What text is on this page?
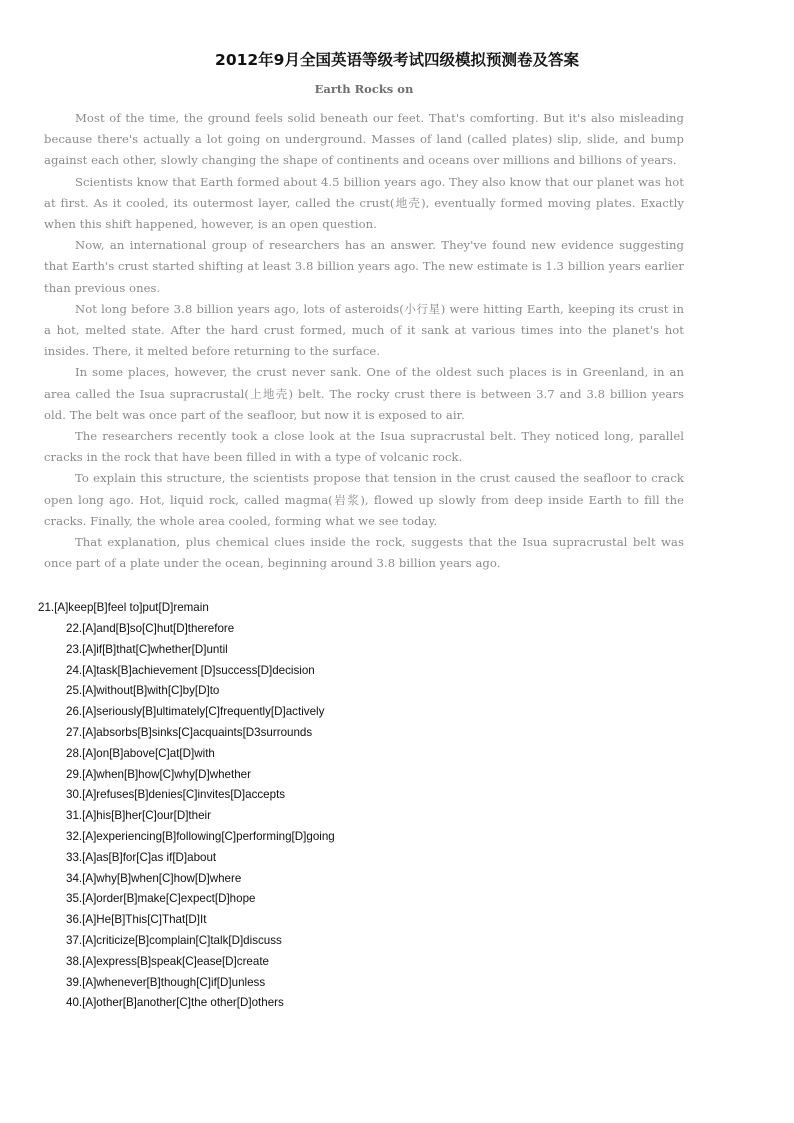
2012年9月全国英语等级考试四级模拟预测卷及答案
Earth Rocks on

Most of the time, the ground feels solid beneath our feet. That's comforting. But it's also misleading because there's actually a lot going on underground. Masses of land (called plates) slip, slide, and bump against each other, slowly changing the shape of continents and oceans over millions and billions of years.

Scientists know that Earth formed about 4.5 billion years ago. They also know that our planet was hot at first. As it cooled, its outermost layer, called the crust(地壳), eventually formed moving plates. Exactly when this shift happened, however, is an open question.

Now, an international group of researchers has an answer. They've found new evidence suggesting that Earth's crust started shifting at least 3.8 billion years ago. The new estimate is 1.3 billion years earlier than previous ones.

Not long before 3.8 billion years ago, lots of asteroids(小行星) were hitting Earth, keeping its crust in a hot, melted state. After the hard crust formed, much of it sank at various times into the planet's hot insides. There, it melted before returning to the surface.

In some places, however, the crust never sank. One of the oldest such places is in Greenland, in an area called the Isua supracrustal(上地壳) belt. The rocky crust there is between 3.7 and 3.8 billion years old. The belt was once part of the seafloor, but now it is exposed to air.

The researchers recently took a close look at the Isua supracrustal belt. They noticed long, parallel cracks in the rock that have been filled in with a type of volcanic rock.

To explain this structure, the scientists propose that tension in the crust caused the seafloor to crack open long ago. Hot, liquid rock, called magma(岩浆), flowed up slowly from deep inside Earth to fill the cracks. Finally, the whole area cooled, forming what we see today.

That explanation, plus chemical clues inside the rock, suggests that the Isua supracrustal belt was once part of a plate under the ocean, beginning around 3.8 billion years ago.

21.[A]keep[B]feel to]put[D]remain
22.[A]and[B]so[C]hut[D]therefore
23.[A]if[B]that[C]whether[D]until
24.[A]task[B]achievement [D]success[D]decision
25.[A]without[B]with[C]by[D]to
26.[A]seriously[B]ultimately[C]frequently[D]actively
27.[A]absorbs[B]sinks[C]acquaints[D3surrounds
28.[A]on[B]above[C]at[D]with
29.[A]when[B]how[C]why[D]whether
30.[A]refuses[B]denies[C]invites[D]accepts
31.[A]his[B]her[C]our[D]their
32.[A]experiencing[B]following[C]performing[D]going
33.[A]as[B]for[C]as if[D]about
34.[A]why[B]when[C]how[D]where
35.[A]order[B]make[C]expect[D]hope
36.[A]He[B]This[C]That[D]It
37.[A]criticize[B]complain[C]talk[D]discuss
38.[A]express[B]speak[C]ease[D]create
39.[A]whenever[B]though[C]if[D]unless
40.[A]other[B]another[C]the other[D]others
